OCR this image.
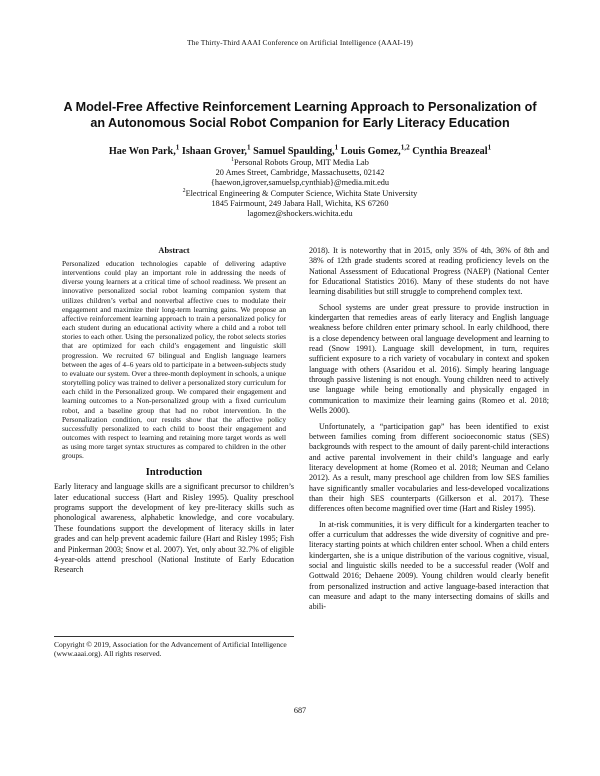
The Thirty-Third AAAI Conference on Artificial Intelligence (AAAI-19)
A Model-Free Affective Reinforcement Learning Approach to Personalization of
an Autonomous Social Robot Companion for Early Literacy Education
Hae Won Park,$^1$ Ishaan Grover,$^1$ Samuel Spaulding,$^1$ Louis Gomez,$^{1,2}$ Cynthia Breazeal$^1$
$^1$Personal Robots Group, MIT Media Lab
20 Ames Street, Cambridge, Massachusetts, 02142
{haewon,igrover,samuelsp,cynthiab}@media.mit.edu
$^2$Electrical Engineering & Computer Science, Wichita State University
1845 Fairmount, 249 Jabara Hall, Wichita, KS 67260
lagomez@shockers.wichita.edu
Abstract

Personalized education technologies capable of delivering adaptive interventions could play an important role in addressing the needs of diverse young learners at a critical time of school readiness. We present an innovative personalized social robot learning companion system that utilizes children’s verbal and nonverbal affective cues to modulate their engagement and maximize their long-term learning gains. We propose an affective reinforcement learning approach to train a personalized policy for each student during an educational activity where a child and a robot tell stories to each other. Using the personalized policy, the robot selects stories that are optimized for each child’s engagement and linguistic skill progression. We recruited 67 bilingual and English language learners between the ages of 4–6 years old to participate in a between-subjects study to evaluate our system. Over a three-month deployment in schools, a unique storytelling policy was trained to deliver a personalized story curriculum for each child in the Personalized group. We compared their engagement and learning outcomes to a Non-personalized group with a fixed curriculum robot, and a baseline group that had no robot intervention. In the Personalization condition, our results show that the affective policy successfully personalized to each child to boost their engagement and outcomes with respect to learning and retaining more target words as well as using more target syntax structures as compared to children in the other groups.

Introduction

Early literacy and language skills are a significant precursor to children’s later educational success (Hart and Risley 1995). Quality preschool programs support the development of key pre-literacy skills such as phonological awareness, alphabetic knowledge, and core vocabulary. These foundations support the development of literacy skills in later grades and can help prevent academic failure (Hart and Risley 1995; Fish and Pinkerman 2003; Snow et al. 2007). Yet, only about 32.7% of eligible 4-year-olds attend preschool (National Institute of Early Education Research

Copyright © 2019, Association for the Advancement of Artificial Intelligence (www.aaai.org). All rights reserved.

2018). It is noteworthy that in 2015, only 35% of 4th, 36% of 8th and 38% of 12th grade students scored at reading proficiency levels on the National Assessment of Educational Progress (NAEP) (National Center for Educational Statistics 2016). Many of these students do not have learning disabilities but still struggle to comprehend complex text.

School systems are under great pressure to provide instruction in kindergarten that remedies areas of early literacy and English language weakness before children enter primary school. In early childhood, there is a close dependency between oral language development and learning to read (Snow 1991). Language skill development, in turn, requires sufficient exposure to a rich variety of vocabulary in context and spoken language with others (Asaridou et al. 2016). Simply hearing language through passive listening is not enough. Young children need to actively use language while being emotionally and physically engaged in communication to maximize their learning gains (Romeo et al. 2018; Wells 2000).

Unfortunately, a “participation gap” has been identified to exist between families coming from different socioeconomic status (SES) backgrounds with respect to the amount of daily parent-child interactions and active parental involvement in their child’s language and early literacy development at home (Romeo et al. 2018; Neuman and Celano 2012). As a result, many preschool age children from low SES families have significantly smaller vocabularies and less-developed vocalizations than their high SES counterparts (Gilkerson et al. 2017). These differences often become magnified over time (Hart and Risley 1995).

In at-risk communities, it is very difficult for a kindergarten teacher to offer a curriculum that addresses the wide diversity of cognitive and pre-literacy starting points at which children enter school. When a child enters kindergarten, she is a unique distribution of the various cognitive, visual, social and linguistic skills needed to be a successful reader (Wolf and Gottwald 2016; Dehaene 2009). Young children would clearly benefit from personalized instruction and active language-based interaction that can measure and adapt to the many intersecting domains of skills and abili-

687
